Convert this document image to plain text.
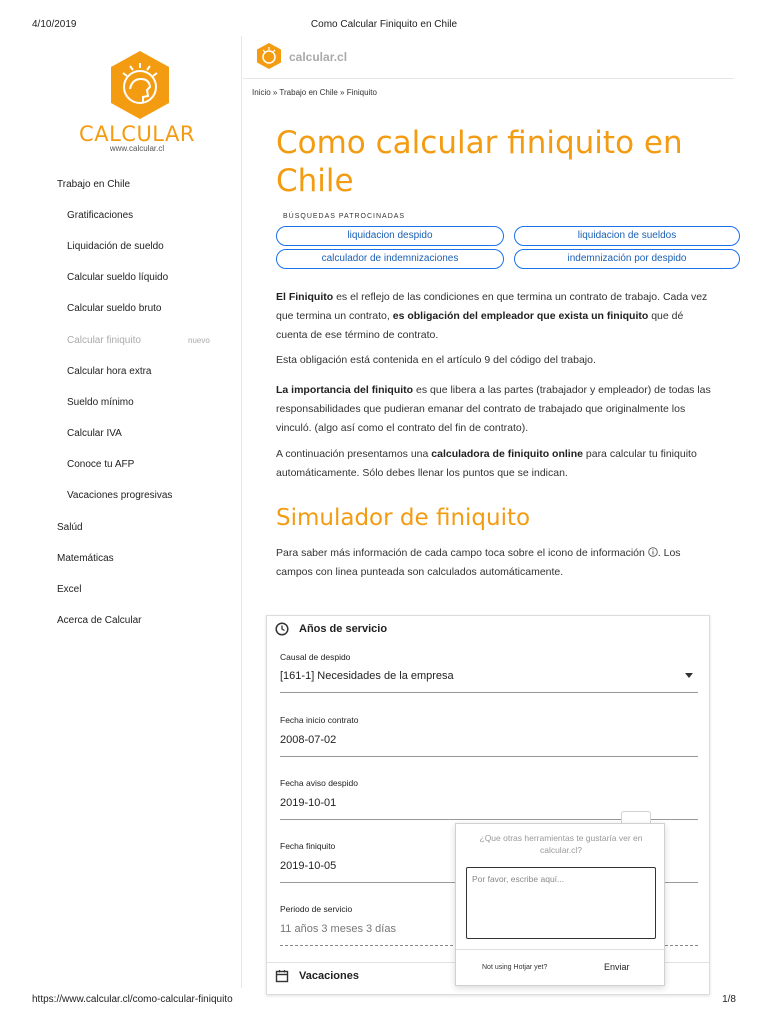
4/10/2019	Como Calcular Finiquito en Chile
CALCULAR
www.calcular.cl
Trabajo en Chile
Gratificaciones
Liquidación de sueldo
Calcular sueldo líquido
Calcular sueldo bruto
Calcular finiquito	nuevo
Calcular hora extra
Sueldo mínimo
Calcular IVA
Conoce tu AFP
Vacaciones progresivas
Salúd
Matemáticas
Excel
Acerca de Calcular
calcular.cl
Inicio » Trabajo en Chile » Finiquito
Como calcular finiquito en Chile
BÚSQUEDAS PATROCINADAS
liquidacion despido	liquidacion de sueldos
calculador de indemnizaciones	indemnización por despido
El Finiquito es el reflejo de las condiciones en que termina un contrato de trabajo. Cada vez que termina un contrato, es obligación del empleador que exista un finiquito que dé cuenta de ese término de contrato.
Esta obligación está contenida en el artículo 9 del código del trabajo.
La importancia del finiquito es que libera a las partes (trabajador y empleador) de todas las responsabilidades que pudieran emanar del contrato de trabajado que originalmente los vinculó. (algo así como el contrato del fin de contrato).
A continuación presentamos una calculadora de finiquito online para calcular tu finiquito automáticamente. Sólo debes llenar los puntos que se indican.
Simulador de finiquito
Para saber más información de cada campo toca sobre el icono de información . Los campos con linea punteada son calculados automáticamente.
Años de servicio
Causal de despido
[161-1] Necesidades de la empresa
Fecha inicio contrato
2008-07-02
Fecha aviso despido
2019-10-01
Fecha finiquito
2019-10-05
Periodo de servicio
11 años 3 meses 3 días
Vacaciones
¿Que otras herramientas te gustaría ver en calcular.cl?
Por favor, escribe aquí...
Not using Hotjar yet?	Enviar
https://www.calcular.cl/como-calcular-finiquito	1/8
